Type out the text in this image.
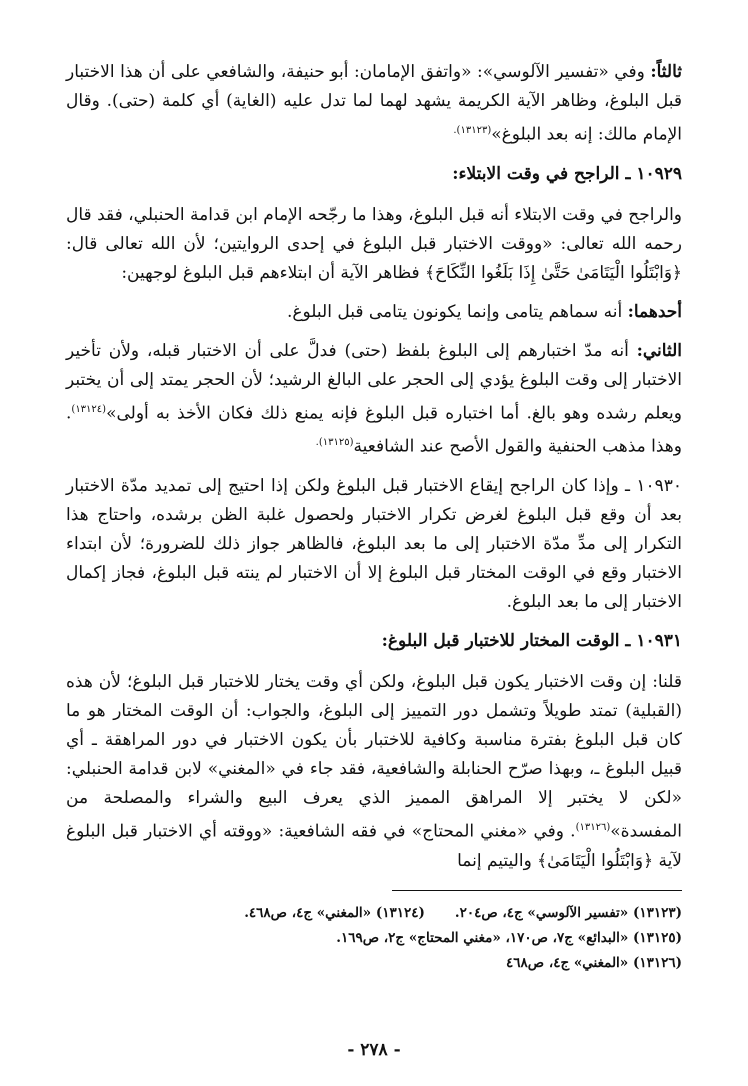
ثالثاً: وفي «تفسير الآلوسي»: «واتفق الإمامان: أبو حنيفة، والشافعي على أن هذا الاختبار قبل البلوغ، وظاهر الآية الكريمة يشهد لهما لما تدل عليه (الغاية) أي كلمة (حتى). وقال الإمام مالك: إنه بعد البلوغ»$^{(١٣١٢٣).}$

١٠٩٢٩ ـ الراجح في وقت الابتلاء:

والراجح في وقت الابتلاء أنه قبل البلوغ، وهذا ما رجّحه الإمام ابن قدامة الحنبلي، فقد قال رحمه الله تعالى: «ووقت الاختبار قبل البلوغ في إحدى الروايتين؛ لأن الله تعالى قال: ﴿وَابْتَلُوا الْيَتَامَىٰ حَتَّىٰ إِذَا بَلَغُوا النِّكَاحَ﴾ فظاهر الآية أن ابتلاءهم قبل البلوغ لوجهين:

أحدهما: أنه سماهم يتامى وإنما يكونون يتامى قبل البلوغ.

الثاني: أنه مدّ اختبارهم إلى البلوغ بلفظ (حتى) فدلَّ على أن الاختبار قبله، ولأن تأخير الاختبار إلى وقت البلوغ يؤدي إلى الحجر على البالغ الرشيد؛ لأن الحجر يمتد إلى أن يختبر ويعلم رشده وهو بالغ. أما اختباره قبل البلوغ فإنه يمنع ذلك فكان الأخذ به أولى»$^{(١٣١٢٤)}$. وهذا مذهب الحنفية والقول الأصح عند الشافعية$^{(١٣١٢٥).}$

١٠٩٣٠ ـ وإذا كان الراجح إيقاع الاختبار قبل البلوغ ولكن إذا احتيج إلى تمديد مدّة الاختبار بعد أن وقع قبل البلوغ لغرض تكرار الاختبار ولحصول غلبة الظن برشده، واحتاج هذا التكرار إلى مدِّ مدّة الاختبار إلى ما بعد البلوغ، فالظاهر جواز ذلك للضرورة؛ لأن ابتداء الاختبار وقع في الوقت المختار قبل البلوغ إلا أن الاختبار لم ينته قبل البلوغ، فجاز إكمال الاختبار إلى ما بعد البلوغ.

١٠٩٣١ ـ الوقت المختار للاختبار قبل البلوغ:

قلنا: إن وقت الاختبار يكون قبل البلوغ، ولكن أي وقت يختار للاختبار قبل البلوغ؛ لأن هذه (القبلية) تمتد طويلاً وتشمل دور التمييز إلى البلوغ، والجواب: أن الوقت المختار هو ما كان قبل البلوغ بفترة مناسبة وكافية للاختبار بأن يكون الاختبار في دور المراهقة ـ أي قبيل البلوغ ـ، وبهذا صرّح الحنابلة والشافعية، فقد جاء في «المغني» لابن قدامة الحنبلي: «لكن لا يختبر إلا المراهق المميز الذي يعرف البيع والشراء والمصلحة من المفسدة»$^{(١٣١٢٦)}$. وفي «مغني المحتاج» في فقه الشافعية: «ووقته أي الاختبار قبل البلوغ لآية ﴿وَابْتَلُوا الْيَتَامَىٰ﴾ واليتيم إنما

(١٣١٢٣) «تفسير الآلوسي» ج٤، ص٢٠٤.(١٣١٢٤) «المغني» ج٤، ص٤٦٨.

(١٣١٢٥) «البدائع» ج٧، ص١٧٠، «مغني المحتاج» ج٢، ص١٦٩.

(١٣١٢٦) «المغني» ج٤، ص٤٦٨

- ٢٧٨ -
